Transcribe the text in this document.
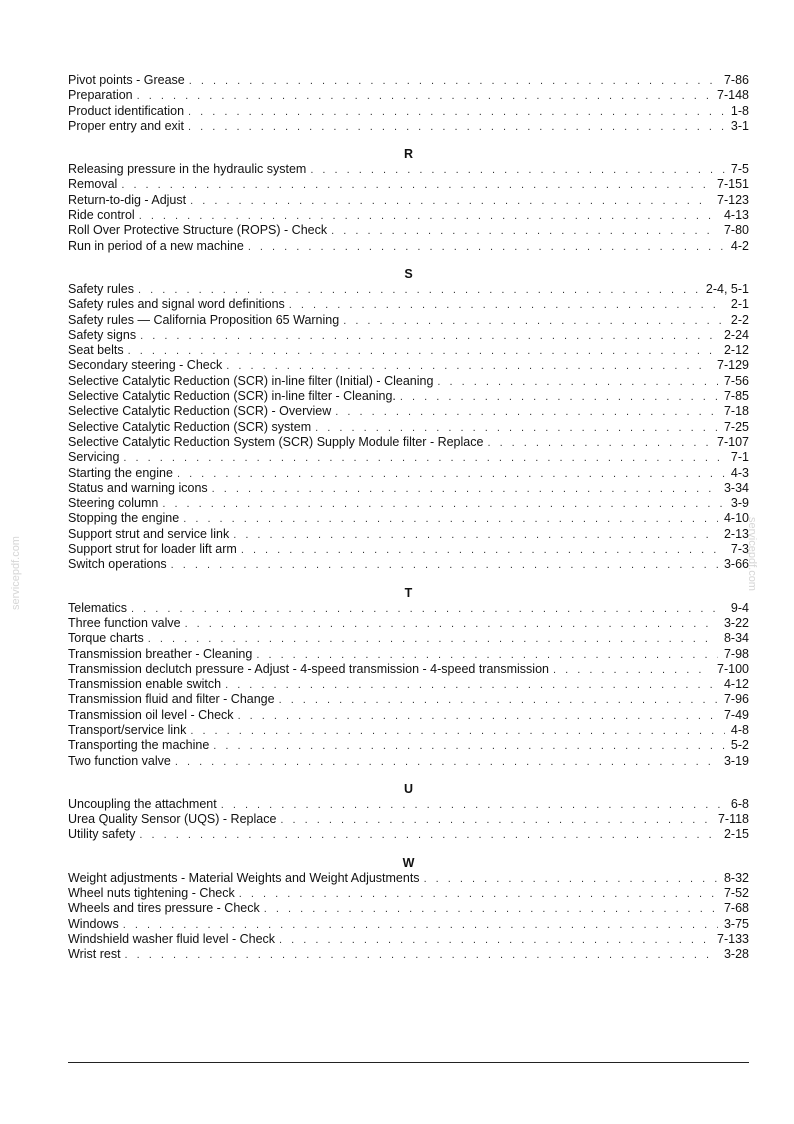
Pivot points - Grease . . .	7-86
Preparation . . .	7-148
Product identification . . .	1-8
Proper entry and exit . . .	3-1
R
Releasing pressure in the hydraulic system . . .	7-5
Removal . . .	7-151
Return-to-dig - Adjust . . .	7-123
Ride control . . .	4-13
Roll Over Protective Structure (ROPS) - Check . . .	7-80
Run in period of a new machine . . .	4-2
S
Safety rules . . .	2-4, 5-1
Safety rules and signal word definitions . . .	2-1
Safety rules — California Proposition 65 Warning . . .	2-2
Safety signs . . .	2-24
Seat belts . . .	2-12
Secondary steering - Check . . .	7-129
Selective Catalytic Reduction (SCR) in-line filter (Initial) - Cleaning . . .	7-56
Selective Catalytic Reduction (SCR) in-line filter - Cleaning. . . .	7-85
Selective Catalytic Reduction (SCR) - Overview . . .	7-18
Selective Catalytic Reduction (SCR) system . . .	7-25
Selective Catalytic Reduction System (SCR) Supply Module filter - Replace . . .	7-107
Servicing . . .	7-1
Starting the engine . . .	4-3
Status and warning icons . . .	3-34
Steering column . . .	3-9
Stopping the engine . . .	4-10
Support strut and service link . . .	2-13
Support strut for loader lift arm . . .	7-3
Switch operations . . .	3-66
T
Telematics . . .	9-4
Three function valve . . .	3-22
Torque charts . . .	8-34
Transmission breather - Cleaning . . .	7-98
Transmission declutch pressure - Adjust - 4-speed transmission - 4-speed transmission . . .	7-100
Transmission enable switch . . .	4-12
Transmission fluid and filter - Change . . .	7-96
Transmission oil level - Check . . .	7-49
Transport/service link . . .	4-8
Transporting the machine . . .	5-2
Two function valve . . .	3-19
U
Uncoupling the attachment . . .	6-8
Urea Quality Sensor (UQS) - Replace . . .	7-118
Utility safety . . .	2-15
W
Weight adjustments - Material Weights and Weight Adjustments . . .	8-32
Wheel nuts tightening - Check . . .	7-52
Wheels and tires pressure - Check . . .	7-68
Windows . . .	3-75
Windshield washer fluid level - Check . . .	7-133
Wrist rest . . .	3-28
servicepdf.com	servicepdf.com
